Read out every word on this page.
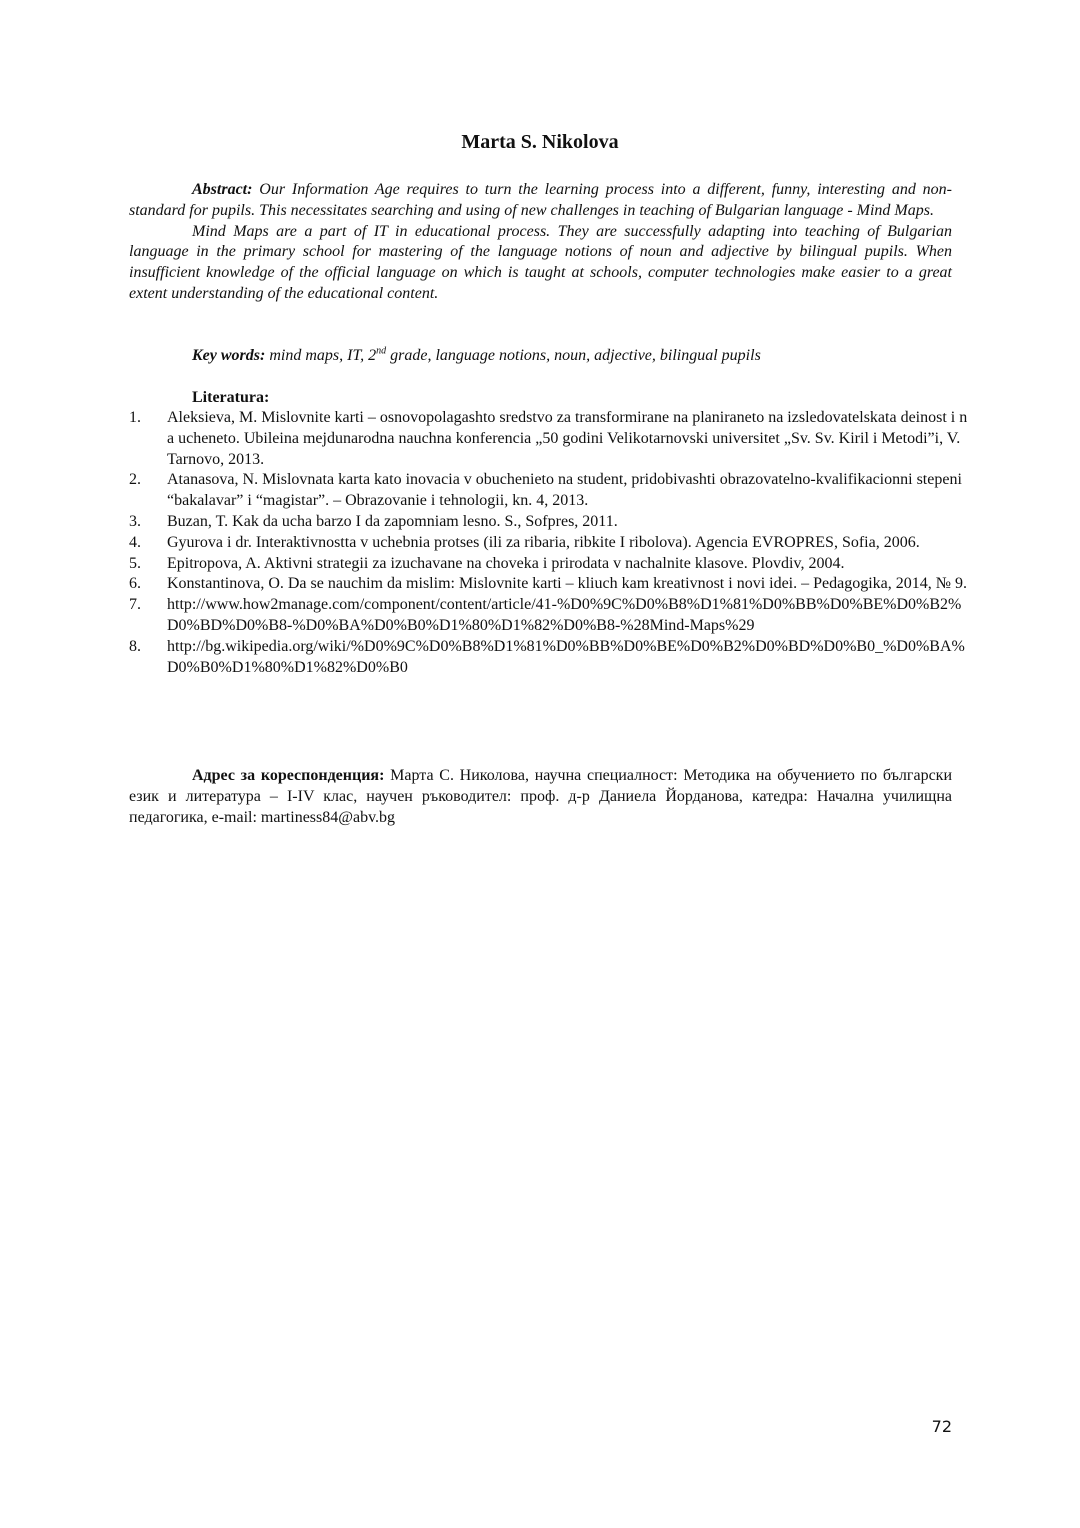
Marta S. Nikolova

Abstract: Our Information Age requires to turn the learning process into a different, funny, interesting and non-standard for pupils. This necessitates searching and using of new challenges in teaching of Bulgarian language - Mind Maps.

Mind Maps are a part of IT in educational process. They are successfully adapting into teaching of Bulgarian language in the primary school for mastering of the language notions of noun and adjective by bilingual pupils. When insufficient knowledge of the official language on which is taught at schools, computer technologies make easier to a great extent understanding of the educational content.

Key words: mind maps, IT, 2nd grade, language notions, noun, adjective, bilingual pupils
Literatura:
1. Aleksieva, M. Mislovnite karti – osnovopolagashto sredstvo za transformirane na planiraneto na izsledovatelskata deinost i na ucheneto. Ubileina mejdunarodna nauchna konferencia „50 godini Velikotarnovski universitet „Sv. Sv. Kiril i Metodi”i, V. Tarnovo, 2013.
2. Atanasova, N. Mislovnata karta kato inovacia v obuchenieto na student, pridobivashti obrazovatelno-kvalifikacionni stepeni “bakalavar” i “magistar”. – Obrazovanie i tehnologii, kn. 4, 2013.
3. Buzan, T. Kak da ucha barzo I da zapomniam lesno. S., Sofpres, 2011.
4. Gyurova i dr. Interaktivnostta v uchebnia protses (ili za ribaria, ribkite I ribolova). Agencia EVROPRES, Sofia, 2006.
5. Epitropova, A. Aktivni strategii za izuchavane na choveka i prirodata v nachalnite klasove. Plovdiv, 2004.
6. Konstantinova, O. Da se nauchim da mislim: Mislovnite karti – kliuch kam kreativnost i novi idei. – Pedagogika, 2014, № 9.
7. http://www.how2manage.com/component/content/article/41-%D0%9C%D0%B8%D1%81%D0%BB%D0%BE%D0%B2%D0%BD%D0%B8-%D0%BA%D0%B0%D1%80%D1%82%D0%B8-%28Mind-Maps%29
8. http://bg.wikipedia.org/wiki/%D0%9C%D0%B8%D1%81%D0%BB%D0%BE%D0%B2%D0%BD%D0%B0_%D0%BA%D0%B0%D1%80%D1%82%D0%B0
Адрес за кореспонденция: Марта С. Николова, научна специалност: Методика на обучението по български език и литература – I-IV клас, научен ръководител: проф. д-р Даниела Йорданова, катедра: Начална училищна педагогика, e-mail: martiness84@abv.bg
72
